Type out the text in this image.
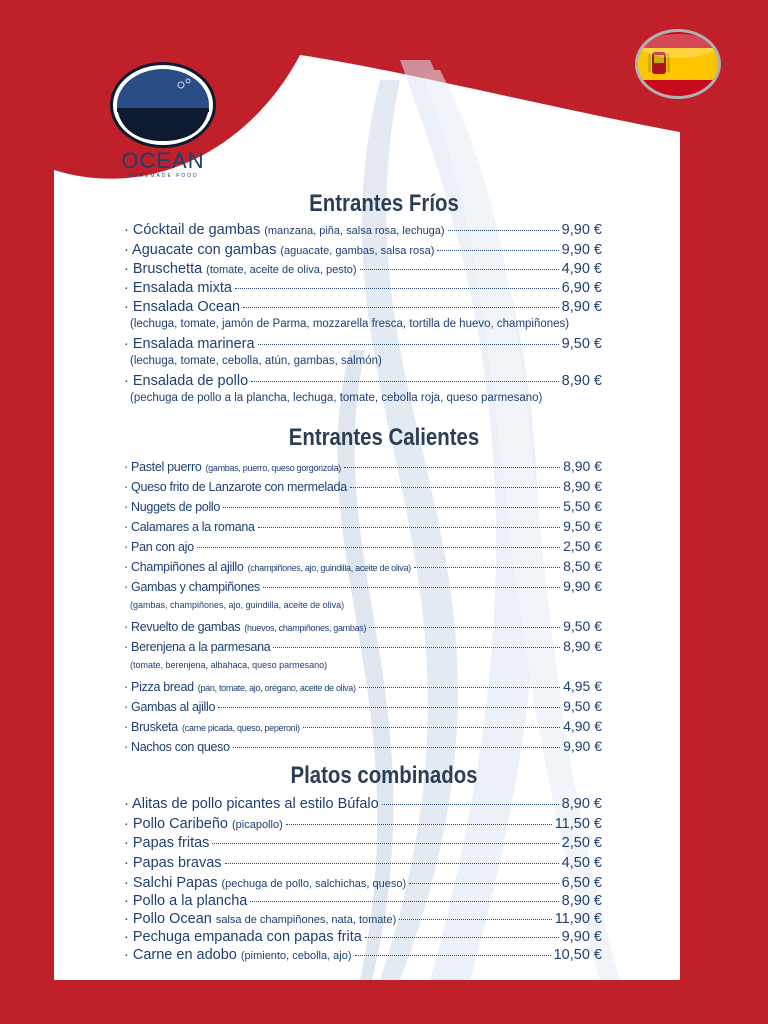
OCEAN
HOMEMADE FOOD
Entrantes Fríos
Entrantes Calientes
Platos combinados
· Cócktail de gambas (manzana, piña, salsa rosa, lechuga)	9,90 €
· Aguacate con gambas (aguacate, gambas, salsa rosa)	9,90 €
· Bruschetta (tomate, aceite de oliva, pesto)	4,90 €
· Ensalada mixta	6,90 €
· Ensalada Ocean	8,90 €
(lechuga, tomate, jamón de Parma, mozzarella fresca, tortilla de huevo, champiñones)
· Ensalada marinera	9,50 €
(lechuga, tomate, cebolla, atún, gambas, salmón)
· Ensalada de pollo	8,90 €
(pechuga de pollo a la plancha, lechuga, tomate, cebolla roja, queso parmesano)
· Pastel puerro (gambas, puerro, queso gorgonzola)	8,90 €
· Queso frito de Lanzarote con mermelada	8,90 €
· Nuggets de pollo	5,50 €
· Calamares a la romana	9,50 €
· Pan con ajo	2,50 €
· Champiñones al ajillo (champiñones, ajo, guindilla, aceite de oliva)	8,50 €
· Gambas y champiñones	9,90 €
(gambas, champiñones, ajo, guindilla, aceite de oliva)
· Revuelto de gambas (huevos, champiñones, gambas)	9,50 €
· Berenjena a la parmesana	8,90 €
(tomate, berenjena, albahaca, queso parmesano)
· Pizza bread (pan, tomate, ajo, orégano, aceite de oliva)	4,95 €
· Gambas al ajillo	9,50 €
· Brusketa (carne picada, queso, peperoni)	4,90 €
· Nachos con queso	9,90 €
· Alitas de pollo picantes al estilo Búfalo	8,90 €
· Pollo Caribeño (picapollo)	11,50 €
· Papas fritas	2,50 €
· Papas bravas	4,50 €
· Salchi Papas (pechuga de pollo, salchichas, queso)	6,50 €
· Pollo a la plancha	8,90 €
· Pollo Ocean salsa de champiñones, nata, tomate)	11,90 €
· Pechuga empanada con papas frita	9,90 €
· Carne en adobo (pimiento, cebolla, ajo)	10,50 €
